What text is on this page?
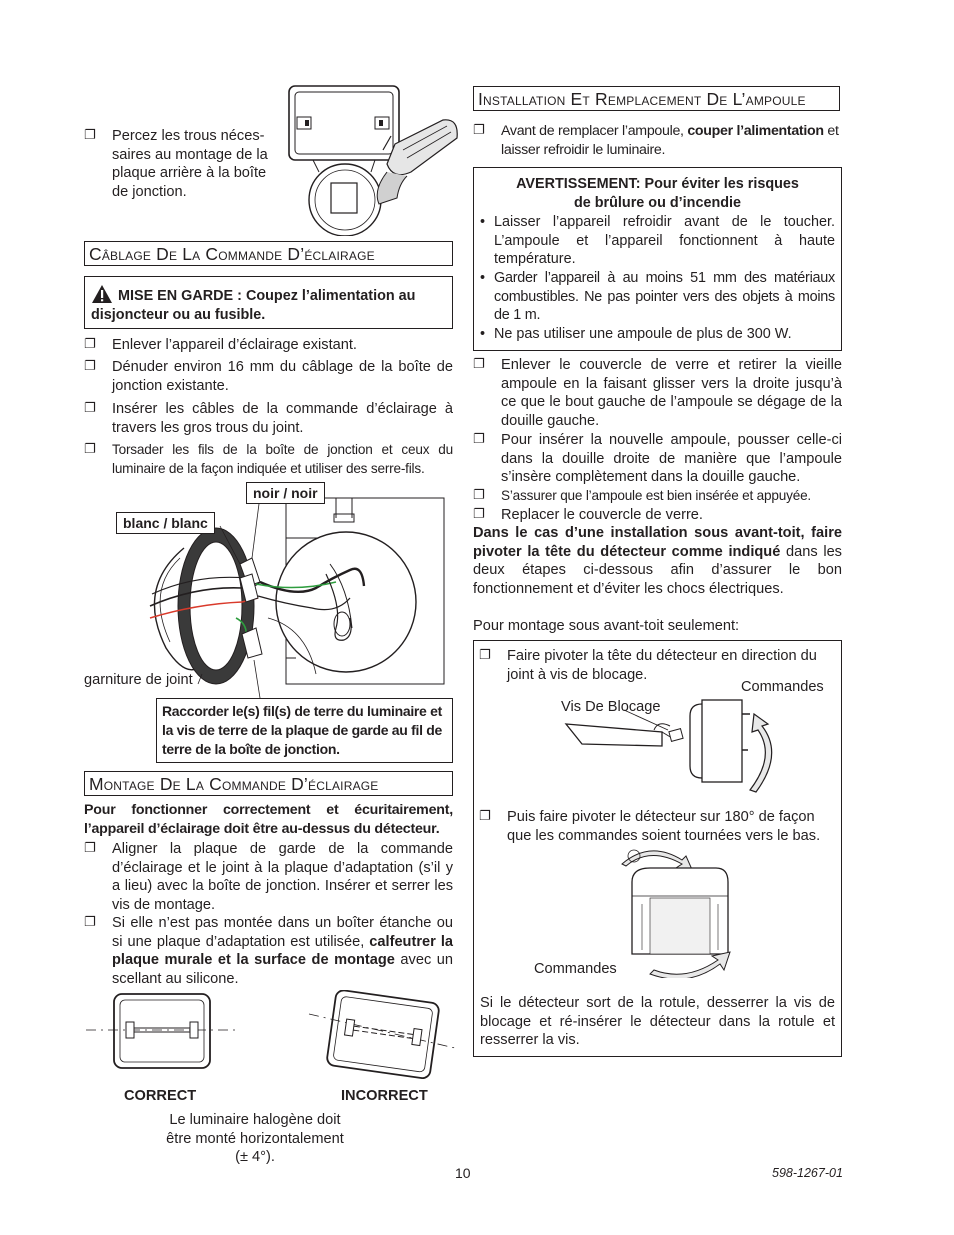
❐ Percez les trous néces-saires au montage de la plaque arrière à la boîte de jonction.
Câblage De La Commande D’éclairage
MISE EN GARDE : Coupez l’alimentation au disjoncteur ou au fusible.
❐ Enlever l’appareil d’éclairage existant.
❐ Dénuder environ 16 mm du câblage de la boîte de jonction existante.
❐ Insérer les câbles de la commande d’éclairage à travers les gros trous du joint.
❐ Torsader les fils de la boîte de jonction et ceux du luminaire de la façon indiquée et utiliser des serre-fils.
noir / noir
blanc / blanc
garniture de joint
Raccorder le(s) fil(s) de terre du luminaire et la vis de terre de la plaque de garde au fil de terre de la boîte de jonction.
Montage De La Commande D’éclairage
Pour fonctionner correctement et écuritairement, l’appareil d’éclairage doit être au-dessus du détecteur.
❐ Aligner la plaque de garde de la commande d’éclairage et le joint à la plaque d’adaptation (s’il y a lieu) avec la boîte de jonction. Insérer et serrer les vis de montage.
❐ Si elle n’est pas montée dans un boîter étanche ou si une plaque d’adaptation est utilisée, calfeutrer la plaque murale et la surface de montage avec un scellant au silicone.
CORRECT	INCORRECT
Le luminaire halogène doit être monté horizontalement (± 4°).
Installation Et Remplacement De L’ampoule
❐ Avant de remplacer l’ampoule, couper l’alimentation et laisser refroidir le luminaire.
AVERTISSEMENT: Pour éviter les risques de brûlure ou d’incendie
• Laisser l’appareil refroidir avant de le toucher. L’ampoule et l’appareil fonctionnent à haute température.
• Garder l’appareil à au moins 51 mm des matériaux combustibles. Ne pas pointer vers des objets à moins de 1 m.
• Ne pas utiliser une ampoule de plus de 300 W.
❐ Enlever le couvercle de verre et retirer la vieille ampoule en la faisant glisser vers la droite jusqu’à ce que le bout gauche de l’ampoule se dégage de la douille gauche.
❐ Pour insérer la nouvelle ampoule, pousser celle-ci dans la douille droite de manière que l’ampoule s’insère complètement dans la douille gauche.
❐ S’assurer que l’ampoule est bien insérée et appuyée.
❐ Replacer le couvercle de verre.
Dans le cas d’une installation sous avant-toit, faire pivoter la tête du détecteur comme indiqué dans les deux étapes ci-dessous afin d’assurer le bon fonctionnement et d’éviter les chocs électriques.
Pour montage sous avant-toit seulement:
❐ Faire pivoter la tête du détecteur en direction du joint à vis de blocage.
Commandes
Vis De Blocage
❐ Puis faire pivoter le détecteur sur 180° de façon que les commandes soient tournées vers le bas.
Commandes
Si le détecteur sort de la rotule, desserrer la vis de blocage et ré-insérer le détecteur dans la rotule et resserrer la vis.
10	598-1267-01
